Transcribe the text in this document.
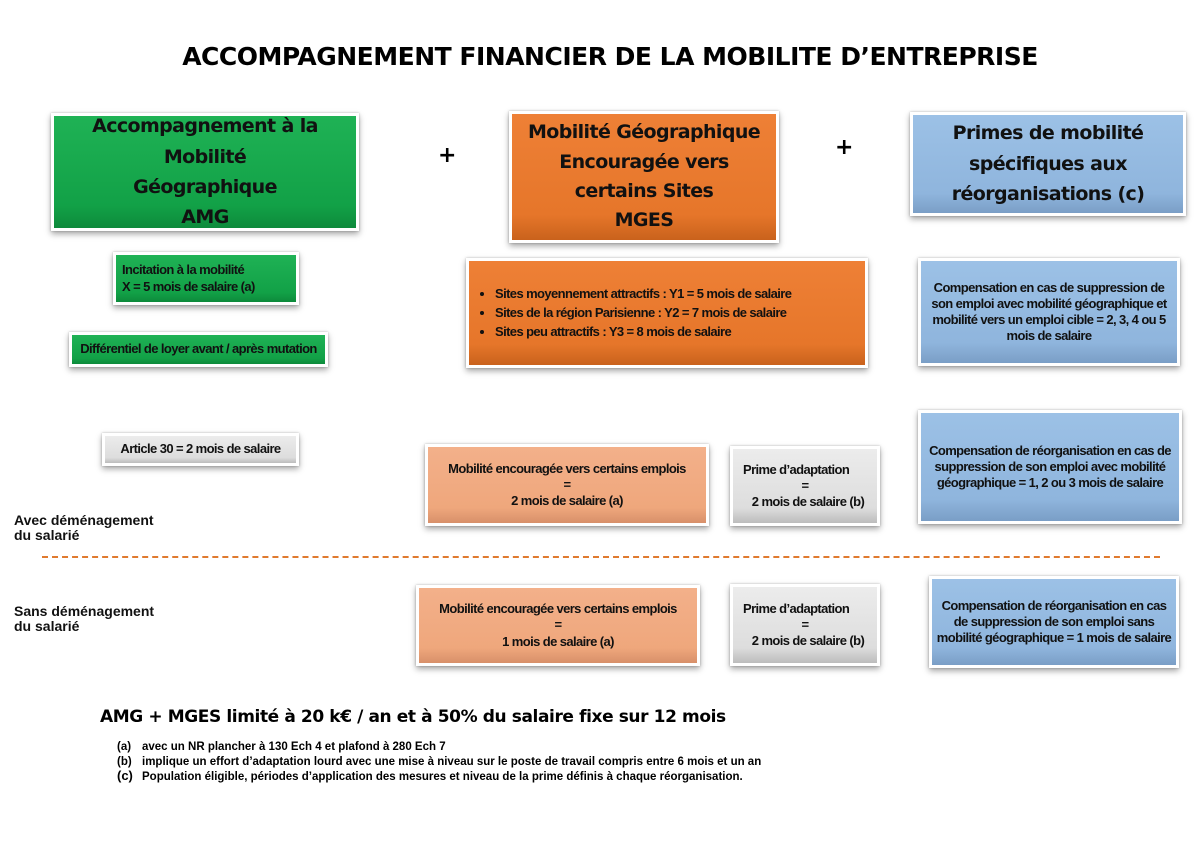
ACCOMPAGNEMENT FINANCIER DE LA MOBILITE D’ENTREPRISE
Accompagnement à la Mobilité
Géographique
AMG
+
Mobilité Géographique
Encouragée vers
certains Sites
MGES
+
Primes de mobilité
spécifiques aux
réorganisations (c)
Incitation à la mobilité
X = 5 mois de salaire (a)
Différentiel de loyer avant / après mutation
Article 30 = 2 mois de salaire
• Sites moyennement attractifs : Y1 = 5 mois de salaire
• Sites de la région Parisienne : Y2 = 7 mois de salaire
• Sites peu attractifs : Y3 = 8 mois de salaire
Compensation en cas de suppression de son emploi avec mobilité géographique et mobilité vers un emploi cible = 2, 3, 4 ou 5 mois de salaire
Compensation de réorganisation en cas de suppression de son emploi avec mobilité géographique = 1, 2 ou 3 mois de salaire
Mobilité encouragée vers certains emplois
=
2 mois de salaire (a)
Prime d’adaptation
=
2 mois de salaire (b)
Avec déménagement
du salarié
Sans déménagement
du salarié
Mobilité encouragée vers certains emplois
=
1 mois de salaire (a)
Prime d’adaptation
=
2 mois de salaire (b)
Compensation de réorganisation en cas de suppression de son emploi sans mobilité géographique = 1 mois de salaire
AMG + MGES limité à 20 k€ / an et à 50% du salaire fixe sur 12 mois
(a) avec un NR plancher à 130 Ech 4 et plafond à 280 Ech 7
(b) implique un effort d’adaptation lourd avec une mise à niveau sur le poste de travail compris entre 6 mois et un an
(c) Population éligible, périodes d’application des mesures et niveau de la prime définis à chaque réorganisation.
